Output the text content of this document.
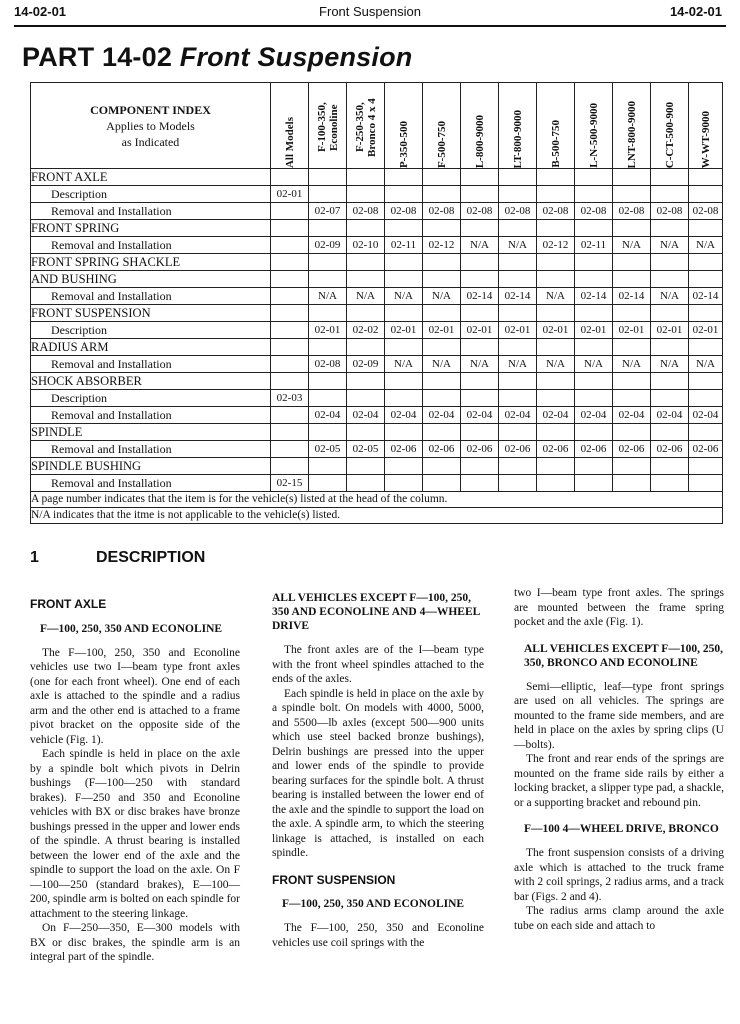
14-02-01	Front Suspension	14-02-01
PART 14-02 Front Suspension
COMPONENT INDEX
Applies to Models
as Indicated	All Models	F-100-350, Econoline	F-250-350, Bronco 4 x 4	P-350-500	F-500-750	L-800-9000	LT-800-9000	B-500-750	L-N-500-9000	LNT-800-9000	C-CT-500-900	W-WT-9000

FRONT AXLE												
Description	02-01											
Removal and Installation		02-07	02-08	02-08	02-08	02-08	02-08	02-08	02-08	02-08	02-08	02-08
FRONT SPRING												
Removal and Installation		02-09	02-10	02-11	02-12	N/A	N/A	02-12	02-11	N/A	N/A	N/A
FRONT SPRING SHACKLE												
AND BUSHING												
Removal and Installation		N/A	N/A	N/A	N/A	02-14	02-14	N/A	02-14	02-14	N/A	02-14
FRONT SUSPENSION												
Description		02-01	02-02	02-01	02-01	02-01	02-01	02-01	02-01	02-01	02-01	02-01
RADIUS ARM												
Removal and Installation		02-08	02-09	N/A	N/A	N/A	N/A	N/A	N/A	N/A	N/A	N/A
SHOCK ABSORBER												
Description	02-03											
Removal and Installation		02-04	02-04	02-04	02-04	02-04	02-04	02-04	02-04	02-04	02-04	02-04
SPINDLE												
Removal and Installation		02-05	02-05	02-06	02-06	02-06	02-06	02-06	02-06	02-06	02-06	02-06
SPINDLE BUSHING												
Removal and Installation	02-15											
A page number indicates that the item is for the vehicle(s) listed at the head of the column.												
N/A indicates that the itme is not applicable to the vehicle(s) listed.												
1	DESCRIPTION

FRONT AXLE

F—100, 250, 350 AND ECONOLINE

The F—100, 250, 350 and Econoline vehicles use two I—beam type front axles (one for each front wheel). One end of each axle is attached to the spindle and a radius arm and the other end is attached to a frame pivot bracket on the opposite side of the vehicle (Fig. 1).

Each spindle is held in place on the axle by a spindle bolt which pivots in Delrin bushings (F—100—250 with standard brakes). F—250 and 350 and Econoline vehicles with BX or disc brakes have bronze bushings pressed in the upper and lower ends of the spindle. A thrust bearing is installed between the lower end of the axle and the spindle to support the load on the axle. On F—100—250 (standard brakes), E—100—200, spindle arm is bolted on each spindle for attachment to the steering linkage.

On F—250—350, E—300 models with BX or disc brakes, the spindle arm is an integral part of the spindle.

ALL VEHICLES EXCEPT F—100, 250, 350 AND ECONOLINE AND 4—WHEEL DRIVE

The front axles are of the I—beam type with the front wheel spindles attached to the ends of the axles.

Each spindle is held in place on the axle by a spindle bolt. On models with 4000, 5000, and 5500—lb axles (except 500—900 units which use steel backed bronze bushings), Delrin bushings are pressed into the upper and lower ends of the spindle to provide bearing surfaces for the spindle bolt. A thrust bearing is installed between the lower end of the axle and the spindle to support the load on the axle. A spindle arm, to which the steering linkage is attached, is installed on each spindle.

FRONT SUSPENSION

F—100, 250, 350 AND ECONOLINE

The F—100, 250, 350 and Econoline vehicles use coil springs with the

two I—beam type front axles. The springs are mounted between the frame spring pocket and the axle (Fig. 1).

ALL VEHICLES EXCEPT F—100, 250, 350, BRONCO AND ECONOLINE

Semi—elliptic, leaf—type front springs are used on all vehicles. The springs are mounted to the frame side members, and are held in place on the axles by spring clips (U—bolts).

The front and rear ends of the springs are mounted on the frame side rails by either a locking bracket, a slipper type pad, a shackle, or a supporting bracket and rebound pin.

F—100 4—WHEEL DRIVE, BRONCO

The front suspension consists of a driving axle which is attached to the truck frame with 2 coil springs, 2 radius arms, and a track bar (Figs. 2 and 4).

The radius arms clamp around the axle tube on each side and attach to
